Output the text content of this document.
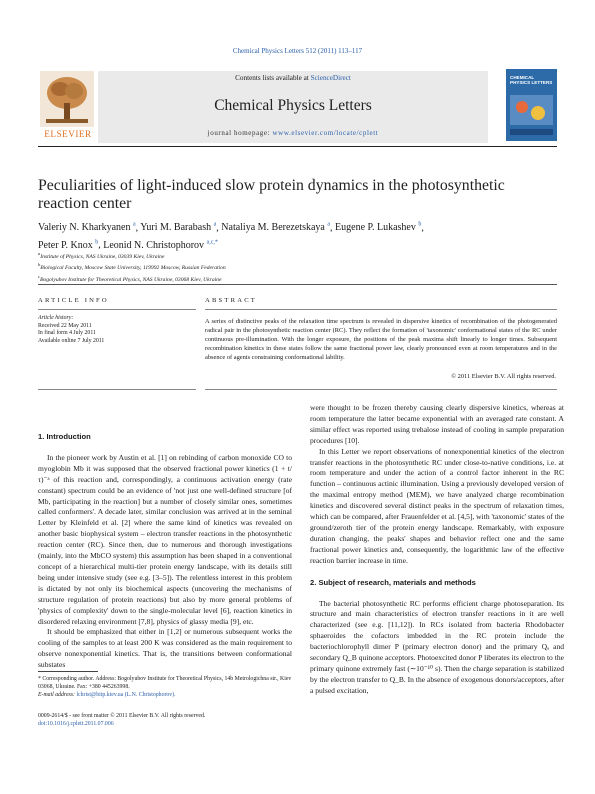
Chemical Physics Letters 512 (2011) 113–117
ELSEVIER
Contents lists available at ScienceDirect
Chemical Physics Letters
journal homepage: www.elsevier.com/locate/cplett
CHEMICAL PHYSICS LETTERS
Peculiarities of light-induced slow protein dynamics in the photosynthetic reaction center
Valeriy N. Kharkyanen $^a$, Yuri M. Barabash $^a$, Nataliya M. Berezetskaya $^a$, Eugene P. Lukashev $^b$,
Peter P. Knox $^b$, Leonid N. Christophorov $^{a,c,*}$
$^a$Institute of Physics, NAS Ukraine, 03039 Kiev, Ukraine
$^b$Biological Faculty, Moscow State University, 119992 Moscow, Russian Federation
$^c$Bogolyubov Institute for Theoretical Physics, NAS Ukraine, 03068 Kiev, Ukraine
ARTICLE INFO	ABSTRACT
Article history:
Received 22 May 2011
In final form 4 July 2011
Available online 7 July 2011
A series of distinctive peaks of the relaxation time spectrum is revealed in dispersive kinetics of recombination of the photogenerated radical pair in the photosynthetic reaction center (RC). They reflect the formation of 'taxonomic' conformational states of the RC under continuous pre-illumination. With the longer exposure, the positions of the peak maxima shift linearly to longer times. Subsequent recombination kinetics in these states follow the same fractional power law, clearly pronounced even at room temperatures and in the absence of agents constraining conformational lability.
© 2011 Elsevier B.V. All rights reserved.

1. Introduction

In the pioneer work by Austin et al. [1] on rebinding of carbon monoxide CO to myoglobin Mb it was supposed that the observed fractional power kinetics (1 + t/τ)⁻ᵃ of this reaction and, correspondingly, a continuous activation energy (rate constant) spectrum could be an evidence of 'not just one well-defined structure [of Mb, participating in the reaction] but a number of closely similar ones, sometimes called conformers'. A decade later, similar conclusion was arrived at in the seminal Letter by Kleinfeld et al. [2] where the same kind of kinetics was revealed on another basic biophysical system – electron transfer reactions in the photosynthetic reaction center (RC). Since then, due to numerous and thorough investigations (mainly, into the MbCO system) this assumption has been shaped in a conventional concept of a hierarchical multi-tier protein energy landscape, with its details still being under intensive study (see e.g. [3–5]). The relentless interest in this problem is dictated by not only its biochemical aspects (uncovering the mechanisms of structure regulation of protein reactions) but also by more general problems of 'physics of complexity' down to the single-molecular level [6], reaction kinetics in disordered relaxing environment [7,8], physics of glassy media [9], etc.

It should be emphasized that either in [1,2] or numerous subsequent works the cooling of the samples to at least 200 K was considered as the main requirement to observe nonexponential kinetics. That is, the transitions between conformational substates

were thought to be frozen thereby causing clearly dispersive kinetics, whereas at room temperature the latter became exponential with an averaged rate constant. A similar effect was reported using trehalose instead of cooling in sample preparation procedures [10].

In this Letter we report observations of nonexponential kinetics of the electron transfer reactions in the photosynthetic RC under close-to-native conditions, i.e. at room temperature and under the action of a control factor inherent in the RC function – continuous actinic illumination. Using a previously developed version of the maximal entropy method (MEM), we have analyzed charge recombination kinetics and discovered several distinct peaks in the spectrum of relaxation times, which can be compared, after Frauenfelder et al. [4,5], with 'taxonomic' states of the ground/zeroth tier of the protein energy landscape. Remarkably, with exposure duration changing, the peaks' shapes and behavior reflect one and the same fractional power kinetics and, consequently, the logarithmic law of the effective reaction barrier increase in time.

2. Subject of research, materials and methods

The bacterial photosynthetic RC performs efficient charge photoseparation. Its structure and main characteristics of electron transfer reactions in it are well characterized (see e.g. [11,12]). In RCs isolated from bacteria Rhodobacter sphaeroides the cofactors imbedded in the RC protein include the bacteriochlorophyll dimer P (primary electron donor) and the primary Qₐ and secondary Q_B quinone acceptors. Photoexcited donor P liberates its electron to the primary quinone extremely fast (∼10⁻¹⁰ s). Then the charge separation is stabilized by the electron transfer to Q_B. In the absence of exogenous donors/acceptors, after a pulsed excitation,

* Corresponding author. Address: Bogolyubov Institute for Theoretical Physics, 14b Metrologichna str., Kiev 03068, Ukraine. Fax: +380 445263998.
E-mail address: lchrist@bitp.kiev.ua (L.N. Christophorov).
0009-2614/$ - see front matter © 2011 Elsevier B.V. All rights reserved.
doi:10.1016/j.cplett.2011.07.006
